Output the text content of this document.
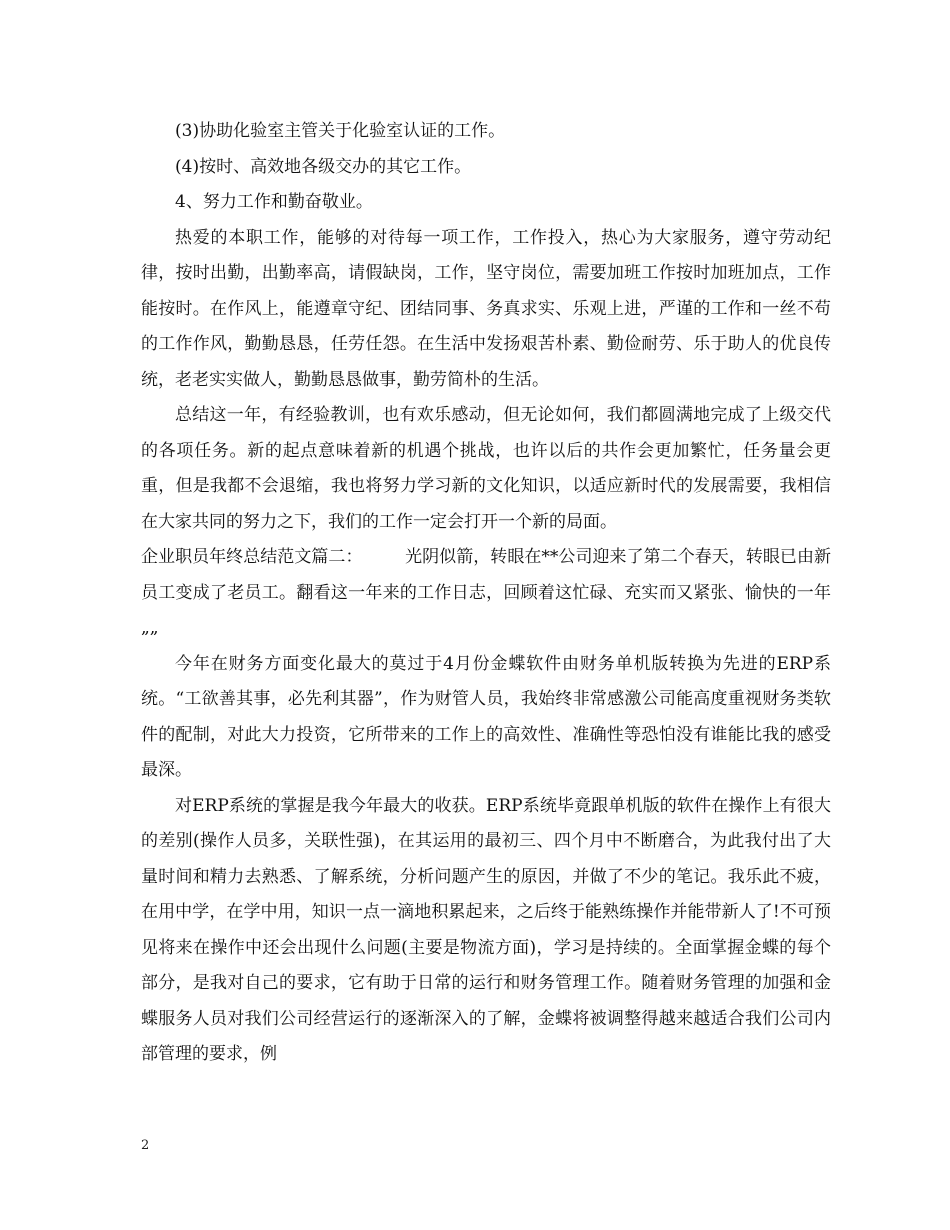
(3)协助化验室主管关于化验室认证的工作。

(4)按时、高效地各级交办的其它工作。

4、努力工作和勤奋敬业。

热爱的本职工作，能够的对待每一项工作，工作投入，热心为大家服务，遵守劳动纪律，按时出勤，出勤率高，请假缺岗，工作，坚守岗位，需要加班工作按时加班加点，工作能按时。在作风上，能遵章守纪、团结同事、务真求实、乐观上进，严谨的工作和一丝不苟的工作作风，勤勤恳恳，任劳任怨。在生活中发扬艰苦朴素、勤俭耐劳、乐于助人的优良传统，老老实实做人，勤勤恳恳做事，勤劳简朴的生活。

总结这一年，有经验教训，也有欢乐感动，但无论如何，我们都圆满地完成了上级交代的各项任务。新的起点意味着新的机遇个挑战，也许以后的共作会更加繁忙，任务量会更重，但是我都不会退缩，我也将努力学习新的文化知识，以适应新时代的发展需要，我相信在大家共同的努力之下，我们的工作一定会打开一个新的局面。

企业职员年终总结范文篇二：　　　光阴似箭，转眼在**公司迎来了第二个春天，转眼已由新员工变成了老员工。翻看这一年来的工作日志，回顾着这忙碌、充实而又紧张、愉快的一年„„

今年在财务方面变化最大的莫过于4月份金蝶软件由财务单机版转换为先进的ERP系统。“工欲善其事，必先利其器”，作为财管人员，我始终非常感激公司能高度重视财务类软件的配制，对此大力投资，它所带来的工作上的高效性、准确性等恐怕没有谁能比我的感受最深。

对ERP系统的掌握是我今年最大的收获。ERP系统毕竟跟单机版的软件在操作上有很大的差别(操作人员多，关联性强)，在其运用的最初三、四个月中不断磨合，为此我付出了大量时间和精力去熟悉、了解系统，分析问题产生的原因，并做了不少的笔记。我乐此不疲，在用中学，在学中用，知识一点一滴地积累起来，之后终于能熟练操作并能带新人了!不可预见将来在操作中还会出现什么问题(主要是物流方面)，学习是持续的。全面掌握金蝶的每个部分，是我对自己的要求，它有助于日常的运行和财务管理工作。随着财务管理的加强和金蝶服务人员对我们公司经营运行的逐渐深入的了解，金蝶将被调整得越来越适合我们公司内部管理的要求，例

2
